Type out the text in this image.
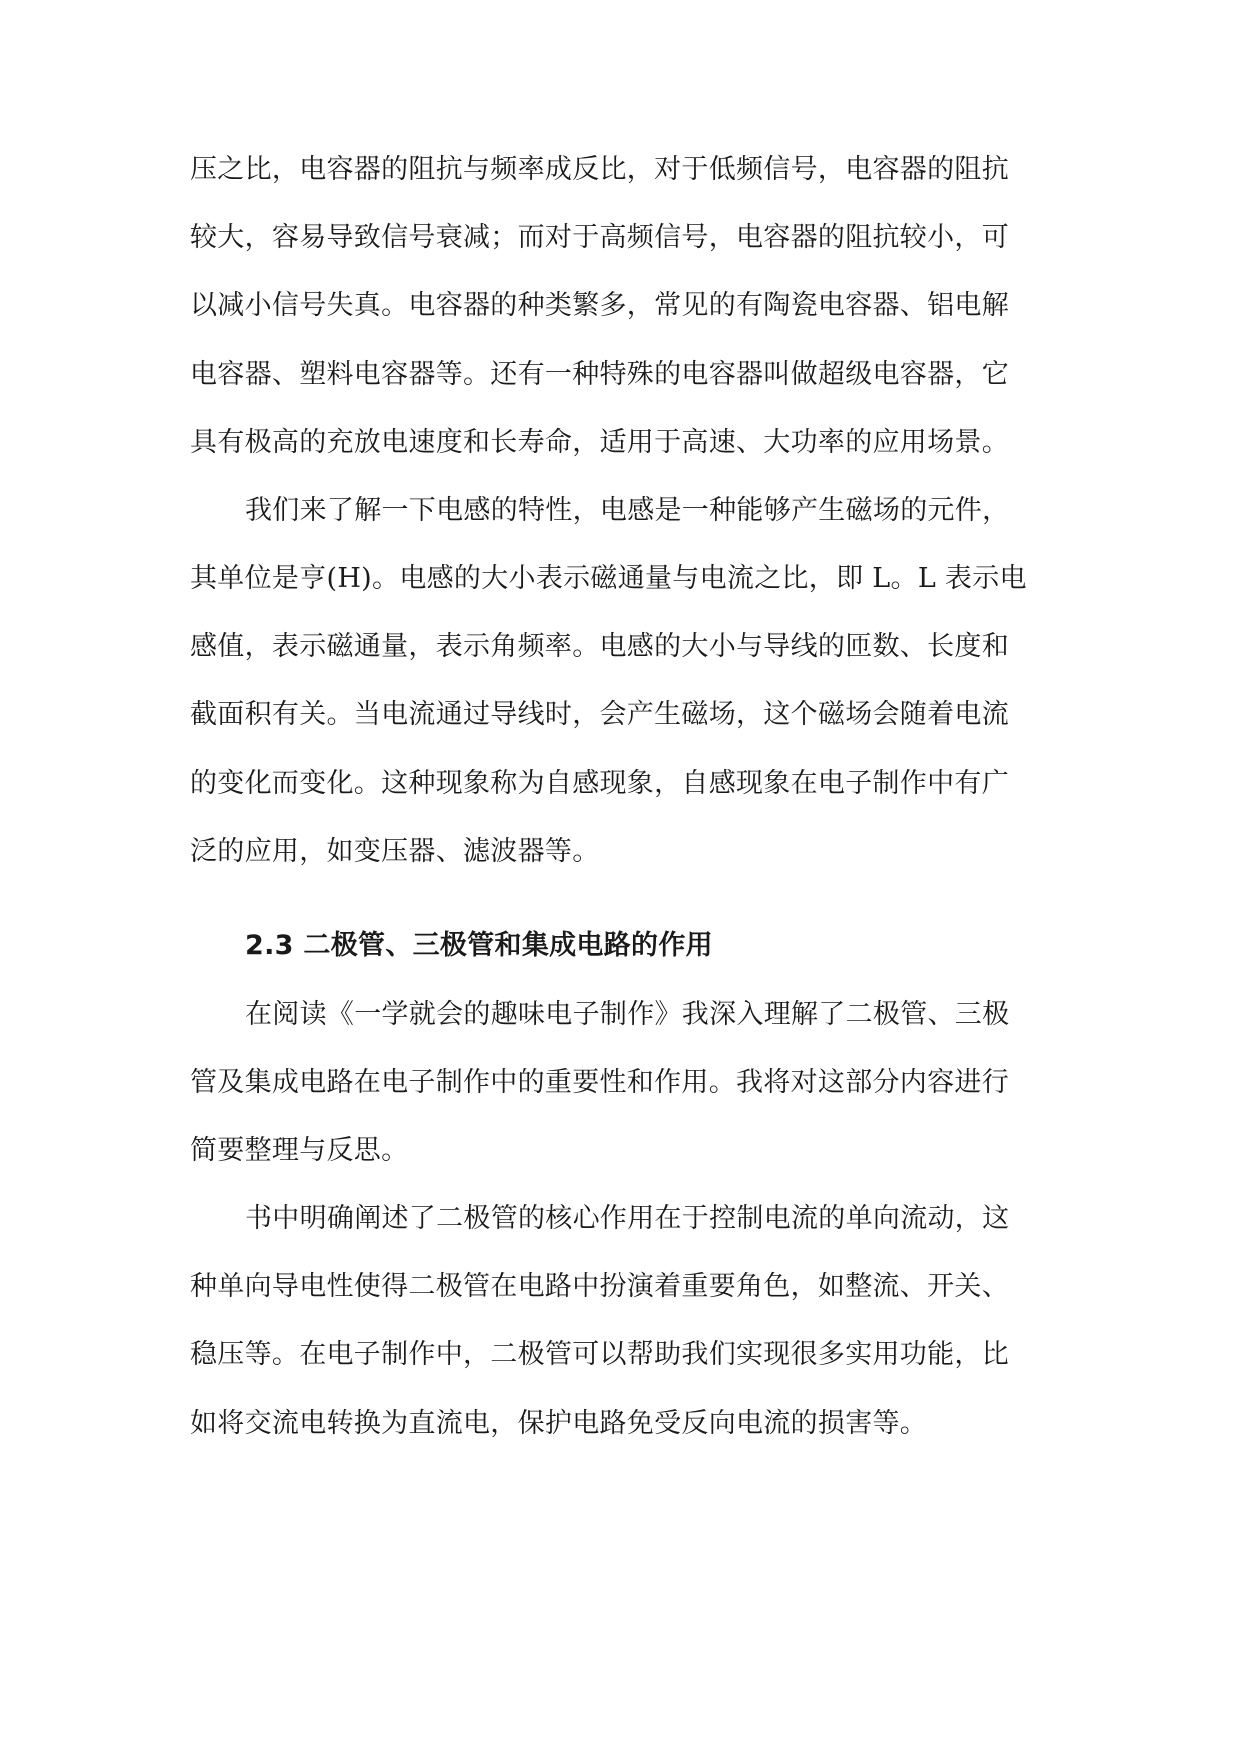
压之比，电容器的阻抗与频率成反比，对于低频信号，电容器的阻抗
较大，容易导致信号衰减；而对于高频信号，电容器的阻抗较小，可
以减小信号失真。电容器的种类繁多，常见的有陶瓷电容器、铝电解
电容器、塑料电容器等。还有一种特殊的电容器叫做超级电容器，它
具有极高的充放电速度和长寿命，适用于高速、大功率的应用场景。
我们来了解一下电感的特性，电感是一种能够产生磁场的元件，
其单位是亨(H)。电感的大小表示磁通量与电流之比，即 L。L 表示电
感值，表示磁通量，表示角频率。电感的大小与导线的匝数、长度和
截面积有关。当电流通过导线时，会产生磁场，这个磁场会随着电流
的变化而变化。这种现象称为自感现象，自感现象在电子制作中有广
泛的应用，如变压器、滤波器等。
2.3 二极管、三极管和集成电路的作用
在阅读《一学就会的趣味电子制作》我深入理解了二极管、三极
管及集成电路在电子制作中的重要性和作用。我将对这部分内容进行
简要整理与反思。
书中明确阐述了二极管的核心作用在于控制电流的单向流动，这
种单向导电性使得二极管在电路中扮演着重要角色，如整流、开关、
稳压等。在电子制作中，二极管可以帮助我们实现很多实用功能，比
如将交流电转换为直流电，保护电路免受反向电流的损害等。
